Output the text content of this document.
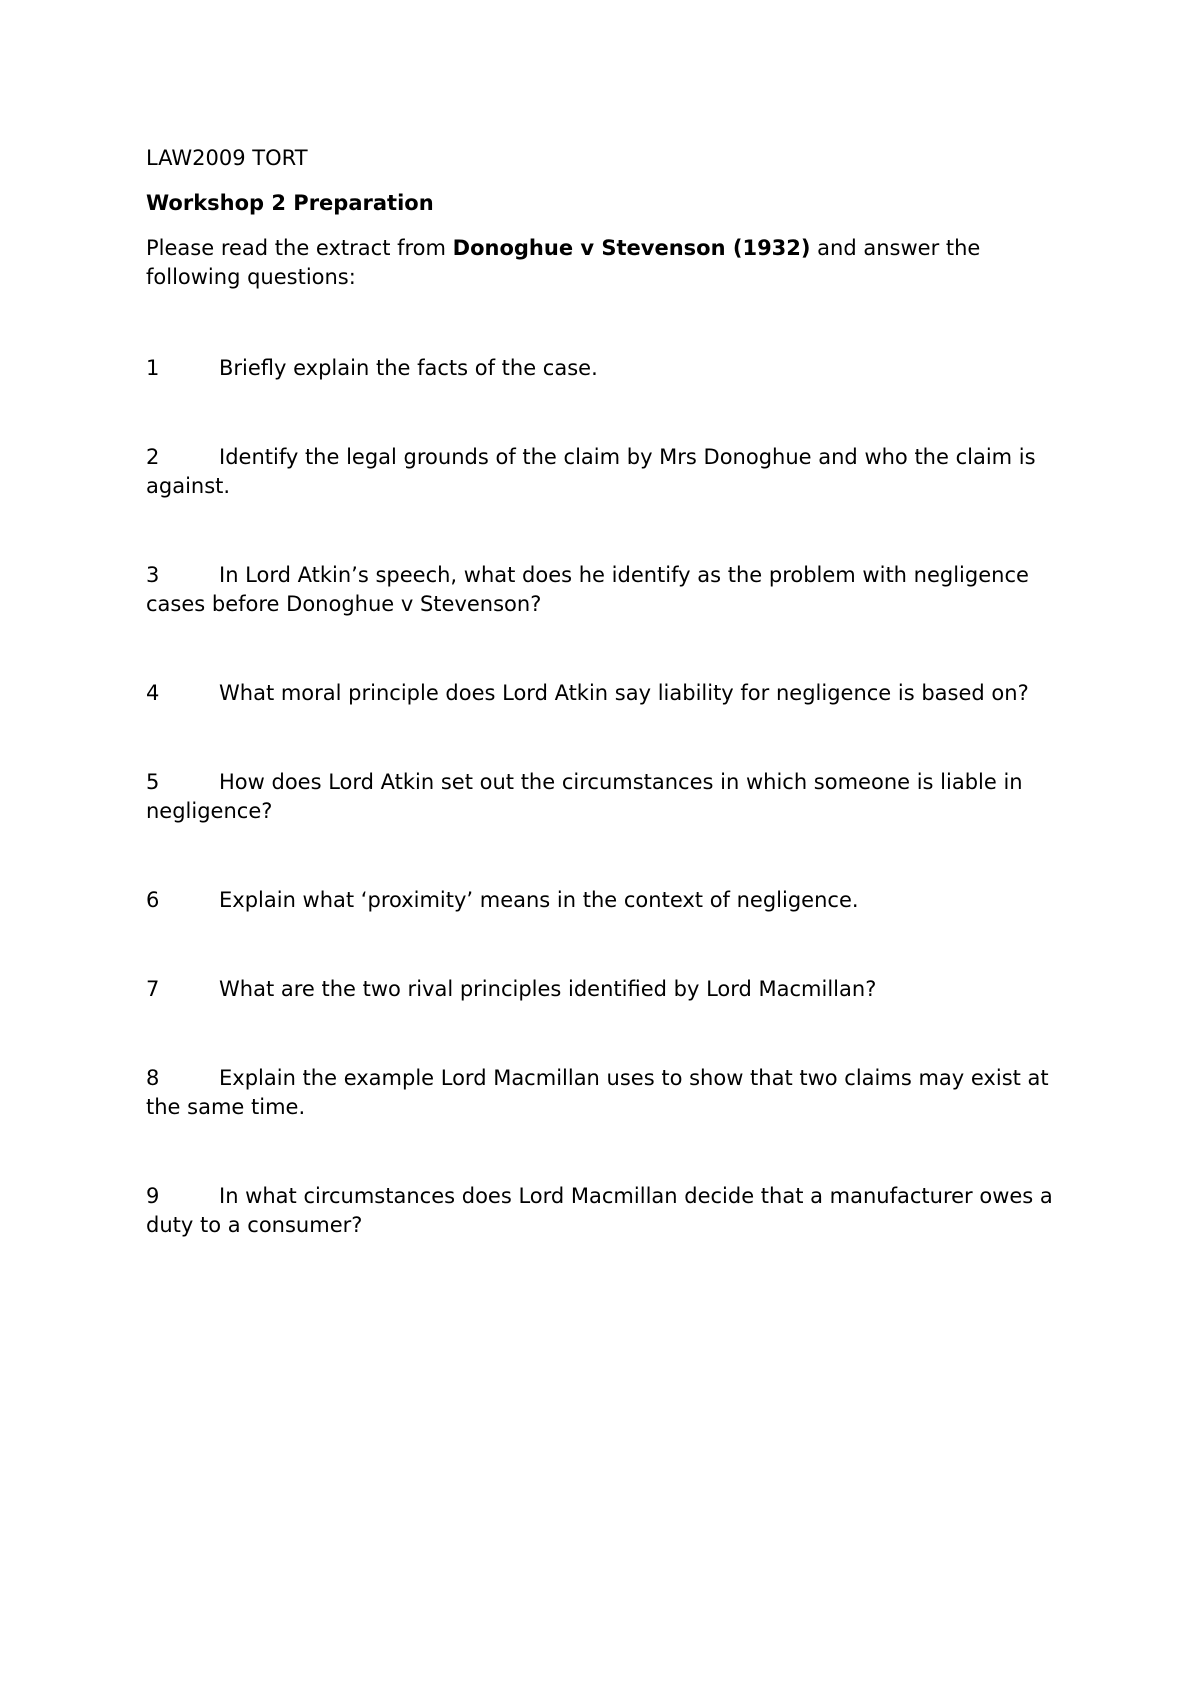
LAW2009 TORT

Workshop 2 Preparation

Please read the extract from Donoghue v Stevenson (1932) and answer the following questions:

1	Briefly explain the facts of the case.
2	Identify the legal grounds of the claim by Mrs Donoghue and who the claim is against.
3	In Lord Atkin’s speech, what does he identify as the problem with negligence cases before Donoghue v Stevenson?
4	What moral principle does Lord Atkin say liability for negligence is based on?
5	How does Lord Atkin set out the circumstances in which someone is liable in negligence?
6	Explain what ‘proximity’ means in the context of negligence.
7	What are the two rival principles identified by Lord Macmillan?
8	Explain the example Lord Macmillan uses to show that two claims may exist at the same time.
9	In what circumstances does Lord Macmillan decide that a manufacturer owes a duty to a consumer?
